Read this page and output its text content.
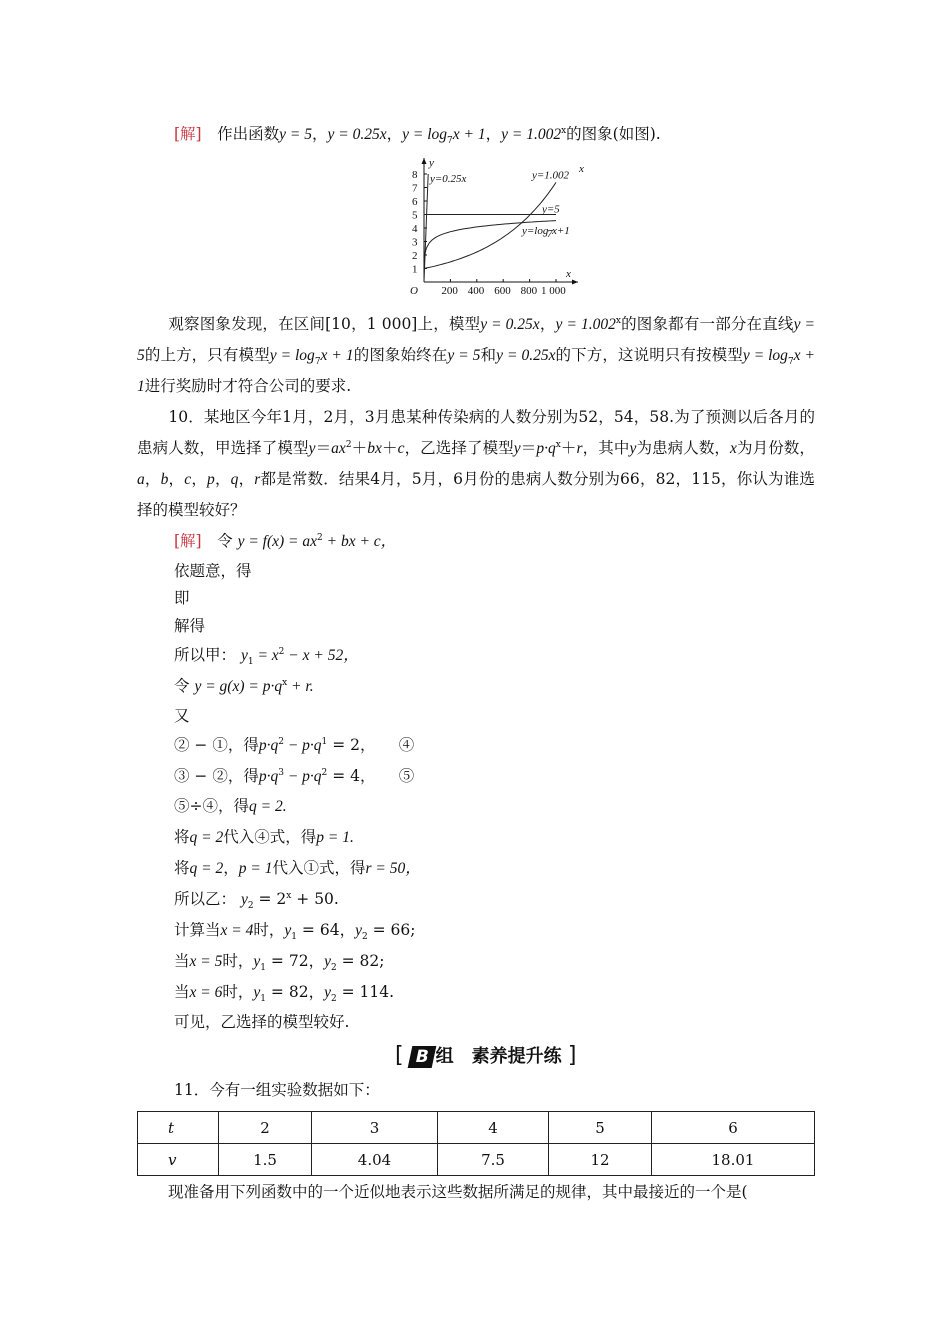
[解]　 作出函数y = 5，y = 0.25x，$y = \log_7x + 1$，$y = 1.002^x$的图象(如图).
x
y
O
1
2
3
4
5
6
7
8
200 400 600 800 1 000
y=0.25x	y=1.002
x
y=5
y=log
7 x+1
　　观察图象发现，在区间[10，1 000]上，模型y = 0.25x，$y = 1.002^x$的图象都有一部分在直线y = 5的上方，只有模型$y = \log_7x + 1$的图象始终在y = 5和y = 0.25x的下方，这说明只有按模型$y = \log_7x + 1$进行奖励时才符合公司的要求.
　　10．某地区今年1月，2月，3月患某种传染病的人数分别为52，54，58.为了预测以后各月的患病人数，甲选择了模型$y=ax^2+bx+c$，乙选择了模型$y=p\cdot q^x+r$，其中y为患病人数，x为月份数，a，b，c，p，q，r都是常数．结果4月，5月，6月份的患病人数分别为66，82，115，你认为谁选择的模型较好？
[解]　 令 $y = f(x) = ax^2$ + bx + c，
依题意，得
即
解得
所以甲： $y_1 = x^2 - x + 52$，
令 $y = g(x) = p\cdot q^x + r$.
又
② − ①，得$p\cdot q^2 - p\cdot q^1 = 2$，　　 ④
③ − ②，得$p\cdot q^3 - p\cdot q^2 = 4$，　　 ⑤
⑤÷④，得q = 2.
将q = 2代入④式，得p = 1.
将q = 2，p = 1代入①式，得r = 50，
所以乙： $y_2 = 2^x + 50$.
计算当x = 4时，$y_1 = 64$，$y_2 = 66$;
当x = 5时，$y_1 = 72$，$y_2 = 82$;
当x = 6时，$y_1 = 82$，$y_2 = 114$.
可见，乙选择的模型较好.
[ B 组　素养提升练 ]
11．今有一组实验数据如下：
t	2	3	4	5	6
v	1.5	4.04	7.5	12	18.01
　　现准备用下列函数中的一个近似地表示这些数据所满足的规律，其中最接近的一个是(
